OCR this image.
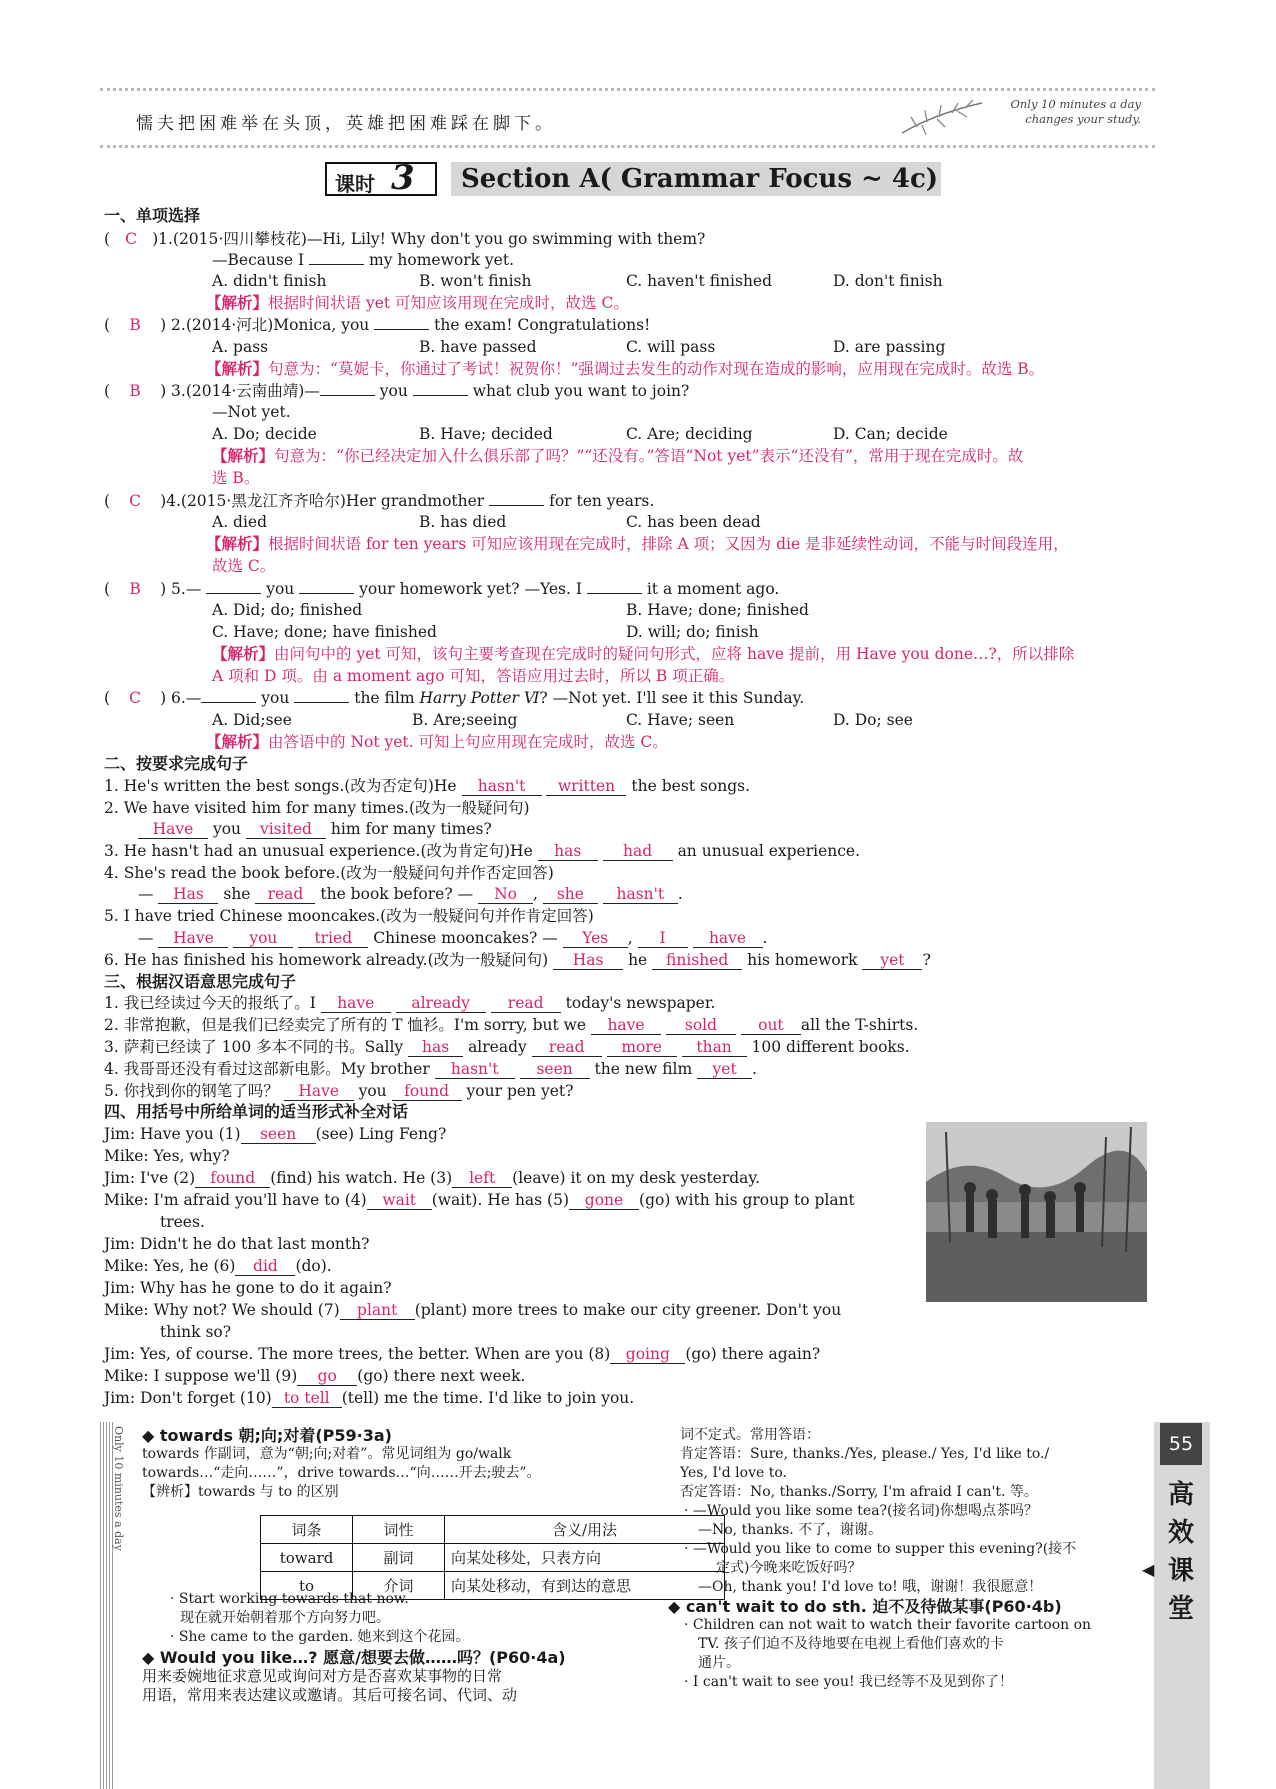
懦夫把困难举在头顶，英雄把困难踩在脚下。
Only 10 minutes a day
changes your study.
课时 3	Section A( Grammar Focus ~ 4c)
一、单项选择
( C )1.(2015·四川攀枝花)—Hi, Lily! Why don't you go swimming with them?
—Because I	my homework yet.
A. didn't finish	B. won't finish	C. haven't finished	D. don't finish
【解析】根据时间状语 yet 可知应该用现在完成时，故选 C。
( B ) 2.(2014·河北)Monica, you	the exam! Congratulations!
A. pass	B. have passed	C. will pass	D. are passing
【解析】句意为：“莫妮卡，你通过了考试！祝贺你！”强调过去发生的动作对现在造成的影响，应用现在完成时。故选 B。
( B ) 3.(2014·云南曲靖)—	you	what club you want to join?
—Not yet.
A. Do; decide	B. Have; decided	C. Are; deciding	D. Can; decide
【解析】句意为：“你已经决定加入什么俱乐部了吗？”“还没有。”答语“Not yet”表示“还没有”，常用于现在完成时。故
选 B。
( C )4.(2015·黑龙江齐齐哈尔)Her grandmother	for ten years.
A. died	B. has died	C. has been dead
【解析】根据时间状语 for ten years 可知应该用现在完成时，排除 A 项；又因为 die 是非延续性动词，不能与时间段连用，
故选 C。
( B ) 5.—	you	your homework yet? —Yes. I	it a moment ago.
A. Did; do; finished	B. Have; done; finished
C. Have; done; have finished	D. will; do; finish
【解析】由问句中的 yet 可知，该句主要考查现在完成时的疑问句形式，应将 have 提前，用 Have you done…?，所以排除
A 项和 D 项。由 a moment ago 可知，答语应用过去时，所以 B 项正确。
( C ) 6.—	you	the film Harry Potter Ⅵ? —Not yet. I'll see it this Sunday.
A. Did;see	B. Are;seeing	C. Have; seen	D. Do; see
【解析】由答语中的 Not yet. 可知上句应用现在完成时，故选 C。
二、按要求完成句子
1. He's written the best songs.(改为否定句)He hasn't written the best songs.
2. We have visited him for many times.(改为一般疑问句)
Have you visited him for many times?
3. He hasn't had an unusual experience.(改为肯定句)He has	had an unusual experience.
4. She's read the book before.(改为一般疑问句并作否定回答)
— Has she read the book before? — No , she hasn't .
5. I have tried Chinese mooncakes.(改为一般疑问句并作肯定回答)
— Have you tried Chinese mooncakes? — Yes , I	have .
6. He has finished his homework already.(改为一般疑问句) Has he finished his homework yet ?
三、根据汉语意思完成句子
1. 我已经读过今天的报纸了。I have already read today's newspaper.
2. 非常抱歉，但是我们已经卖完了所有的 T 恤衫。I'm sorry, but we have	sold	out all the T-shirts.
3. 萨莉已经读了 100 多本不同的书。Sally has already read more than 100 different books.
4. 我哥哥还没有看过这部新电影。My brother hasn't seen the new film yet .
5. 你找到你的钢笔了吗？ Have you found your pen yet?
四、用括号中所给单词的适当形式补全对话
Jim: Have you (1) seen (see) Ling Feng?
Mike: Yes, why?
Jim: I've (2) found (find) his watch. He (3) left (leave) it on my desk yesterday.
Mike: I'm afraid you'll have to (4) wait (wait). He has (5) gone (go) with his group to plant
trees.
Jim: Didn't he do that last month?
Mike: Yes, he (6) did (do).
Jim: Why has he gone to do it again?
Mike: Why not? We should (7) plant (plant) more trees to make our city greener. Don't you
think so?
Jim: Yes, of course. The more trees, the better. When are you (8) going (go) there again?
Mike: I suppose we'll (9) go (go) there next week.
Jim: Don't forget (10) to tell (tell) me the time. I'd like to join you.
Only 10 minutes a day ◆ towards 朝;向;对着(P59·3a)
towards 作副词，意为“朝;向;对着”。常见词组为 go/walk
towards…“走向……”，drive towards…“向……开去;驶去”。
【辨析】towards 与 to 的区别
词条	词性	含义/用法
toward	副词	向某处移处，只表方向
to	介词	向某处移动，有到达的意思
· Start working towards that now.
现在就开始朝着那个方向努力吧。
· She came to the garden. 她来到这个花园。
◆ Would you like…? 愿意/想要去做……吗？(P60·4a)
用来委婉地征求意见或询问对方是否喜欢某事物的日常
用语，常用来表达建议或邀请。其后可接名词、代词、动
词不定式。常用答语：
肯定答语：Sure, thanks./Yes, please./ Yes, I'd like to./
Yes, I'd love to.
否定答语：No, thanks./Sorry, I'm afraid I can't. 等。
· —Would you like some tea?(接名词)你想喝点茶吗？
—No, thanks. 不了，谢谢。
· —Would you like to come to supper this evening?(接不
定式)今晚来吃饭好吗？
—Oh, thank you! I'd love to! 哦，谢谢！我很愿意！
◆ can't wait to do sth. 迫不及待做某事(P60·4b)
· Children can not wait to watch their favorite cartoon on
TV. 孩子们迫不及待地要在电视上看他们喜欢的卡
通片。
· I can't wait to see you! 我已经等不及见到你了！
55
高
效
课
堂
◀
